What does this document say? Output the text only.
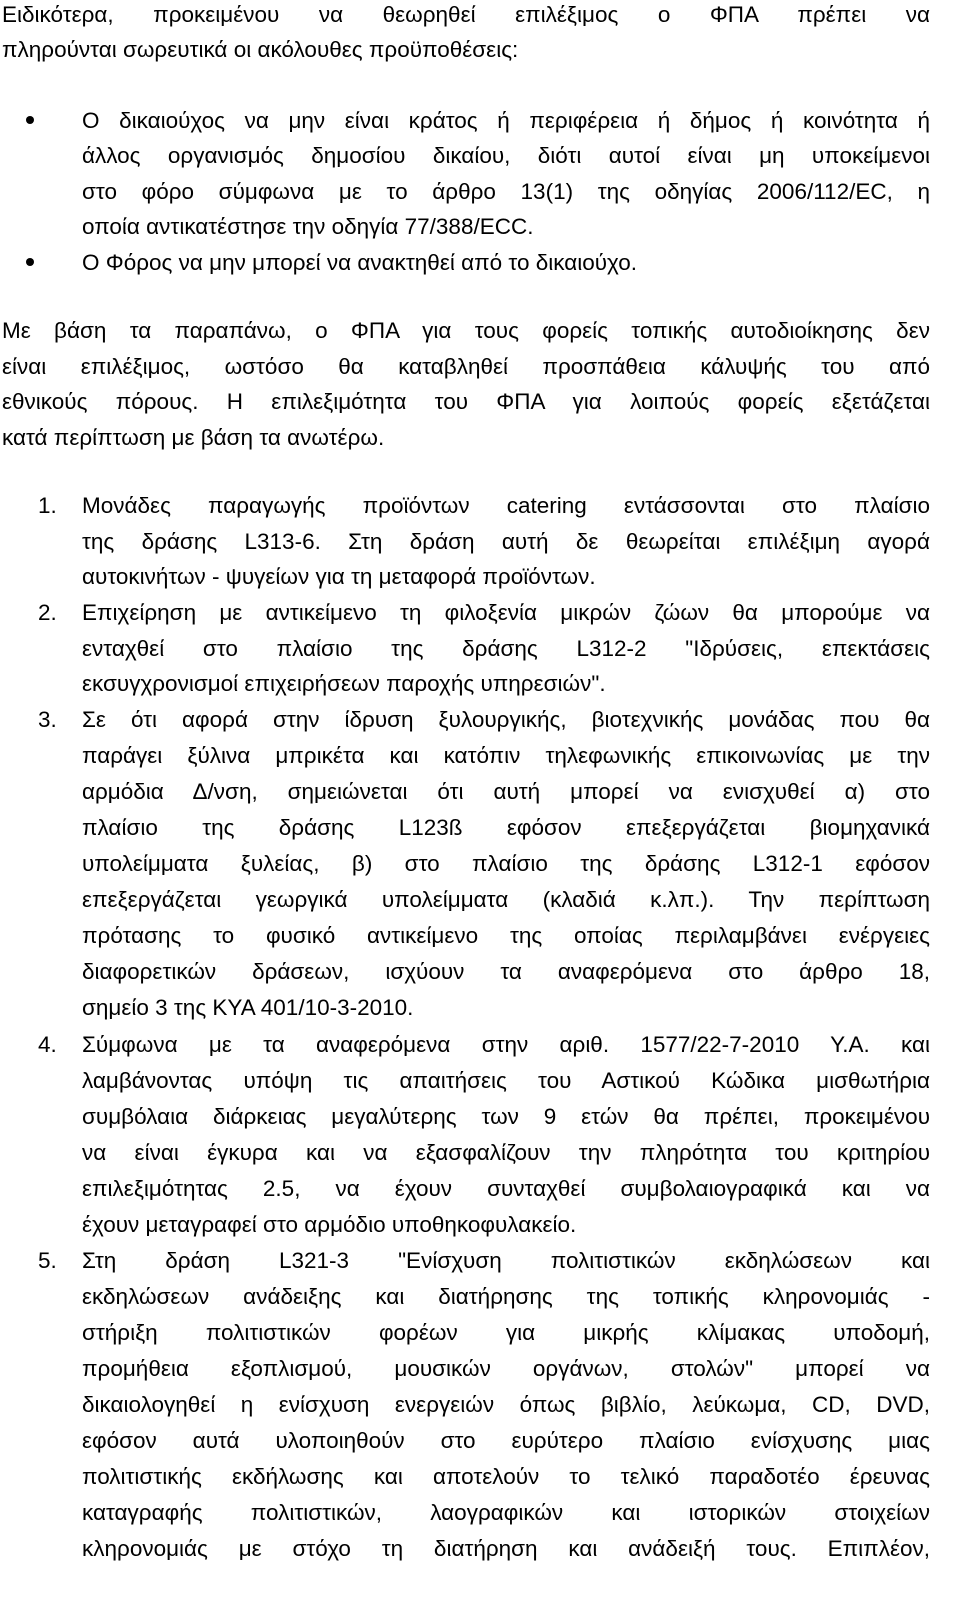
Ειδικότερα, προκειμένου να θεωρηθεί επιλέξιμος ο ΦΠΑ πρέπει να
πληρούνται σωρευτικά οι ακόλουθες προϋποθέσεις:
Ο δικαιούχος να μην είναι κράτος ή περιφέρεια ή δήμος ή κοινότητα ή
άλλος οργανισμός δημοσίου δικαίου, διότι αυτοί είναι μη υποκείμενοι
στο φόρο σύμφωνα με το άρθρο 13(1) της οδηγίας 2006/112/ΕC, η
οποία αντικατέστησε την οδηγία 77/388/ΕCC.
Ο Φόρος να μην μπορεί να ανακτηθεί από το δικαιούχο.
Με βάση τα παραπάνω, ο ΦΠΑ για τους φορείς τοπικής αυτοδιοίκησης δεν
είναι επιλέξιμος, ωστόσο θα καταβληθεί προσπάθεια κάλυψής του από
εθνικούς πόρους. Η επιλεξιμότητα του ΦΠΑ για λοιπούς φορείς εξετάζεται
κατά περίπτωση με βάση τα ανωτέρω.
1. Μονάδες παραγωγής προϊόντων catering εντάσσονται στο πλαίσιο
της δράσης L313-6. Στη δράση αυτή δε θεωρείται επιλέξιμη αγορά
αυτοκινήτων - ψυγείων για τη μεταφορά προϊόντων.
2. Επιχείρηση με αντικείμενο τη φιλοξενία μικρών ζώων θα μπορούμε να
ενταχθεί στο πλαίσιο της δράσης L312-2 "Ιδρύσεις, επεκτάσεις
εκσυγχρονισμοί επιχειρήσεων παροχής υπηρεσιών".
3. Σε ότι αφορά στην ίδρυση ξυλουργικής, βιοτεχνικής μονάδας που θα
παράγει ξύλινα μπρικέτα και κατόπιν τηλεφωνικής επικοινωνίας με την
αρμόδια Δ/νση, σημειώνεται ότι αυτή μπορεί να ενισχυθεί α) στο
πλαίσιο της δράσης L123ß εφόσον επεξεργάζεται βιομηχανικά
υπολείμματα ξυλείας, β) στο πλαίσιο της δράσης L312-1 εφόσον
επεξεργάζεται γεωργικά υπολείμματα (κλαδιά κ.λπ.). Την περίπτωση
πρότασης το φυσικό αντικείμενο της οποίας περιλαμβάνει ενέργειες
διαφορετικών δράσεων, ισχύουν τα αναφερόμενα στο άρθρο 18,
σημείο 3 της ΚΥΑ 401/10-3-2010.
4. Σύμφωνα με τα αναφερόμενα στην αριθ. 1577/22-7-2010 Υ.Α. και
λαμβάνοντας υπόψη τις απαιτήσεις του Αστικού Κώδικα μισθωτήρια
συμβόλαια διάρκειας μεγαλύτερης των 9 ετών θα πρέπει, προκειμένου
να είναι έγκυρα και να εξασφαλίζουν την πληρότητα του κριτηρίου
επιλεξιμότητας 2.5, να έχουν συνταχθεί συμβολαιογραφικά και να
έχουν μεταγραφεί στο αρμόδιο υποθηκοφυλακείο.
5. Στη δράση L321-3 "Ενίσχυση πολιτιστικών εκδηλώσεων και
εκδηλώσεων ανάδειξης και διατήρησης της τοπικής κληρονομιάς -
στήριξη πολιτιστικών φορέων για μικρής κλίμακας υποδομή,
προμήθεια εξοπλισμού, μουσικών οργάνων, στολών" μπορεί να
δικαιολογηθεί η ενίσχυση ενεργειών όπως βιβλίο, λεύκωμα, CD, DVD,
εφόσον αυτά υλοποιηθούν στο ευρύτερο πλαίσιο ενίσχυσης μιας
πολιτιστικής εκδήλωσης και αποτελούν το τελικό παραδοτέο έρευνας
καταγραφής πολιτιστικών, λαογραφικών και ιστορικών στοιχείων
κληρονομιάς με στόχο τη διατήρηση και ανάδειξή τους. Επιπλέον,
